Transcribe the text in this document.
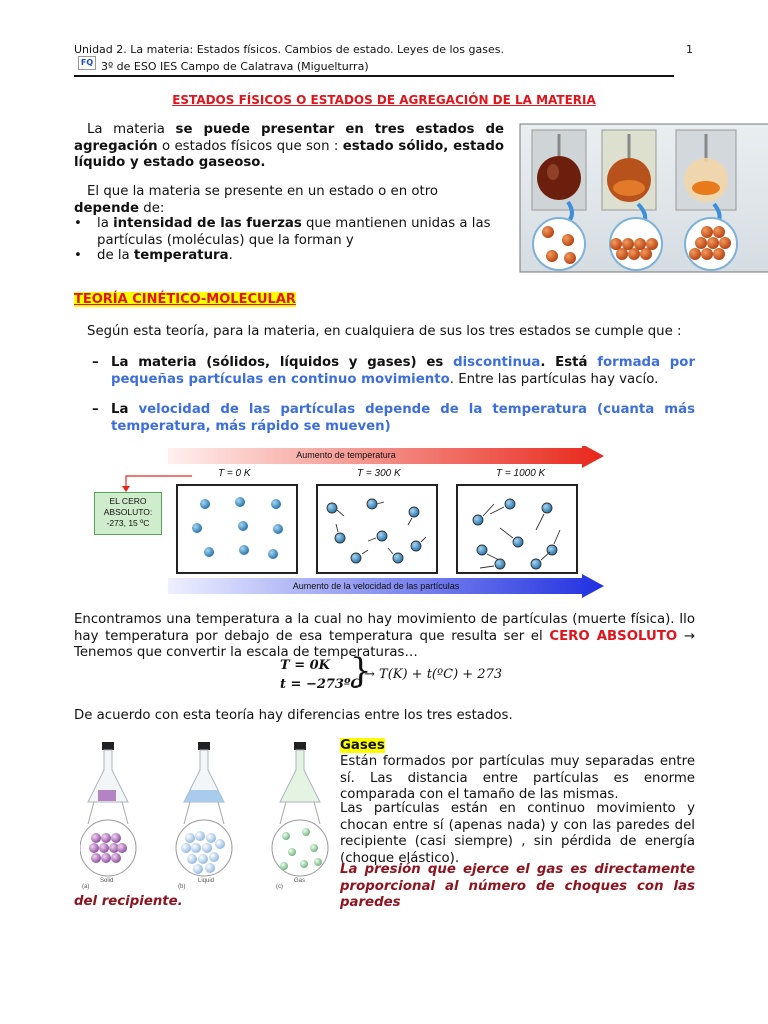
Unidad 2. La materia: Estados físicos. Cambios de estado. Leyes de los gases.	1
FQ 3º de ESO IES Campo de Calatrava (Miguelturra)
ESTADOS FÍSICOS O ESTADOS DE AGREGACIÓN DE LA MATERIA
La materia se puede presentar en tres estados de agregación o estados físicos que son : estado sólido, estado líquido y estado gaseoso.
El que la materia se presente en un estado o en otro depende de:
• la intensidad de las fuerzas que mantienen unidas a las partículas (moléculas) que la forman y
• de la temperatura.
TEORÍA CINÉTICO-MOLECULAR
Según esta teoría, para la materia, en cualquiera de sus los tres estados se cumple que :
– La materia (sólidos, líquidos y gases) es discontinua. Está formada por pequeñas partículas en continuo movimiento. Entre las partículas hay vacío.
– La velocidad de las partículas depende de la temperatura (cuanta más temperatura, más rápido se mueven)
Aumento de temperatura
Aumento de la velocidad de las partículas
T = 0 K	T = 300 K	T = 1000 K
EL CERO
ABSOLUTO:
-273, 15 ºC
Encontramos una temperatura a la cual no hay movimiento de partículas (muerte física). Ilo hay temperatura por debajo de esa temperatura que resulta ser el CERO ABSOLUTO → Tenemos que convertir la escala de temperaturas…
T = 0K
t = −273ºC
}
→ T(K) + t(ºC) + 273
De acuerdo con esta teoría hay diferencias entre los tres estados.
Solid	Liquid	Gas
(a)	(b)	(c)
Gases
Están formados por partículas muy separadas entre sí. Las distancia entre partículas es enorme comparada con el tamaño de las mismas.
Las partículas están en continuo movimiento y chocan entre sí (apenas nada) y con las paredes del recipiente (casi siempre) , sin pérdida de energía (choque elástico).
La presión que ejerce el gas es directamente proporcional al número de choques con las paredes
del recipiente.
